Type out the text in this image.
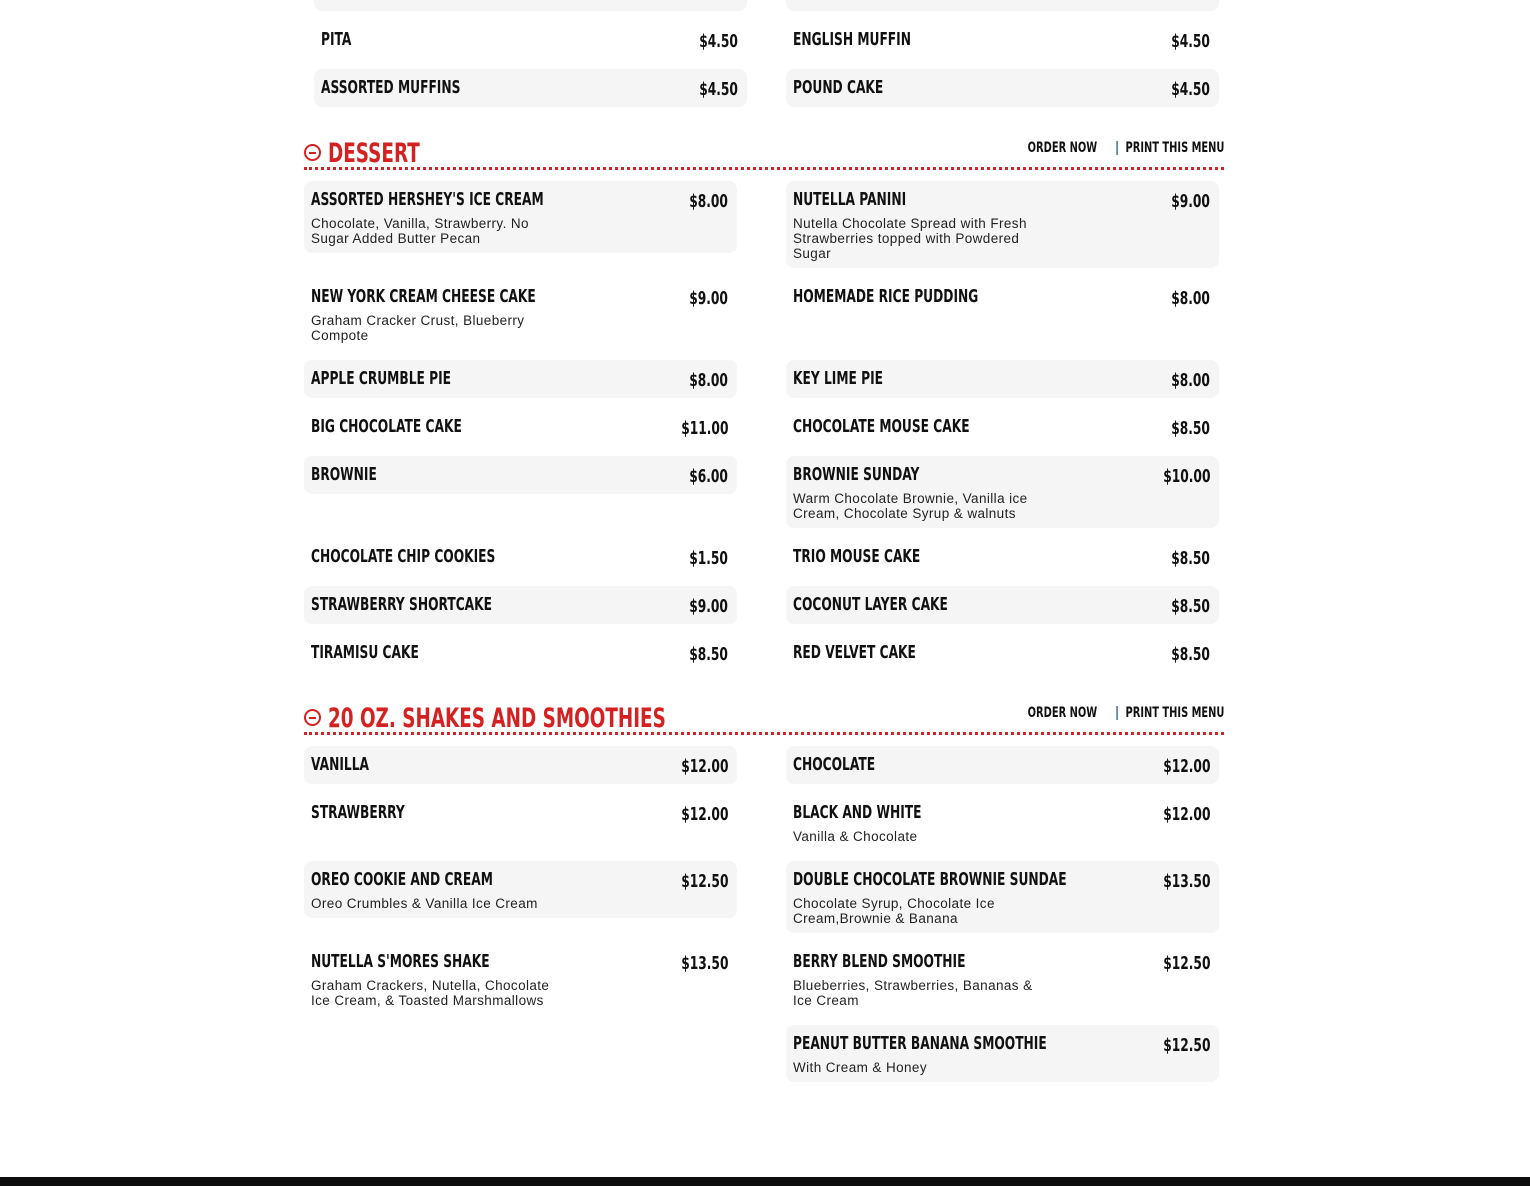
PITA	$4.50	ENGLISH MUFFIN	$4.50
ASSORTED MUFFINS	$4.50	POUND CAKE	$4.50
DESSERT	ORDER NOW | PRINT THIS MENU
ASSORTED HERSHEY'S ICE CREAM	$8.00
Chocolate, Vanilla, Strawberry. No Sugar Added Butter Pecan
NUTELLA PANINI	$9.00
Nutella Chocolate Spread with Fresh Strawberries topped with Powdered Sugar
NEW YORK CREAM CHEESE CAKE	$9.00
Graham Cracker Crust, Blueberry Compote
HOMEMADE RICE PUDDING	$8.00
APPLE CRUMBLE PIE	$8.00	KEY LIME PIE	$8.00
BIG CHOCOLATE CAKE	$11.00	CHOCOLATE MOUSE CAKE	$8.50
BROWNIE	$6.00	BROWNIE SUNDAY	$10.00
Warm Chocolate Brownie, Vanilla ice Cream, Chocolate Syrup & walnuts
CHOCOLATE CHIP COOKIES	$1.50	TRIO MOUSE CAKE	$8.50
STRAWBERRY SHORTCAKE	$9.00	COCONUT LAYER CAKE	$8.50
TIRAMISU CAKE	$8.50	RED VELVET CAKE	$8.50
20 OZ. SHAKES AND SMOOTHIES	ORDER NOW | PRINT THIS MENU
VANILLA	$12.00	CHOCOLATE	$12.00
STRAWBERRY	$12.00	BLACK AND WHITE	$12.00
Vanilla & Chocolate
OREO COOKIE AND CREAM	$12.50
Oreo Crumbles & Vanilla Ice Cream
DOUBLE CHOCOLATE BROWNIE SUNDAE	$13.50
Chocolate Syrup, Chocolate Ice Cream,Brownie & Banana
NUTELLA S'MORES SHAKE	$13.50
Graham Crackers, Nutella, Chocolate Ice Cream, & Toasted Marshmallows
BERRY BLEND SMOOTHIE	$12.50
Blueberries, Strawberries, Bananas & Ice Cream
PEANUT BUTTER BANANA SMOOTHIE	$12.50
With Cream & Honey
